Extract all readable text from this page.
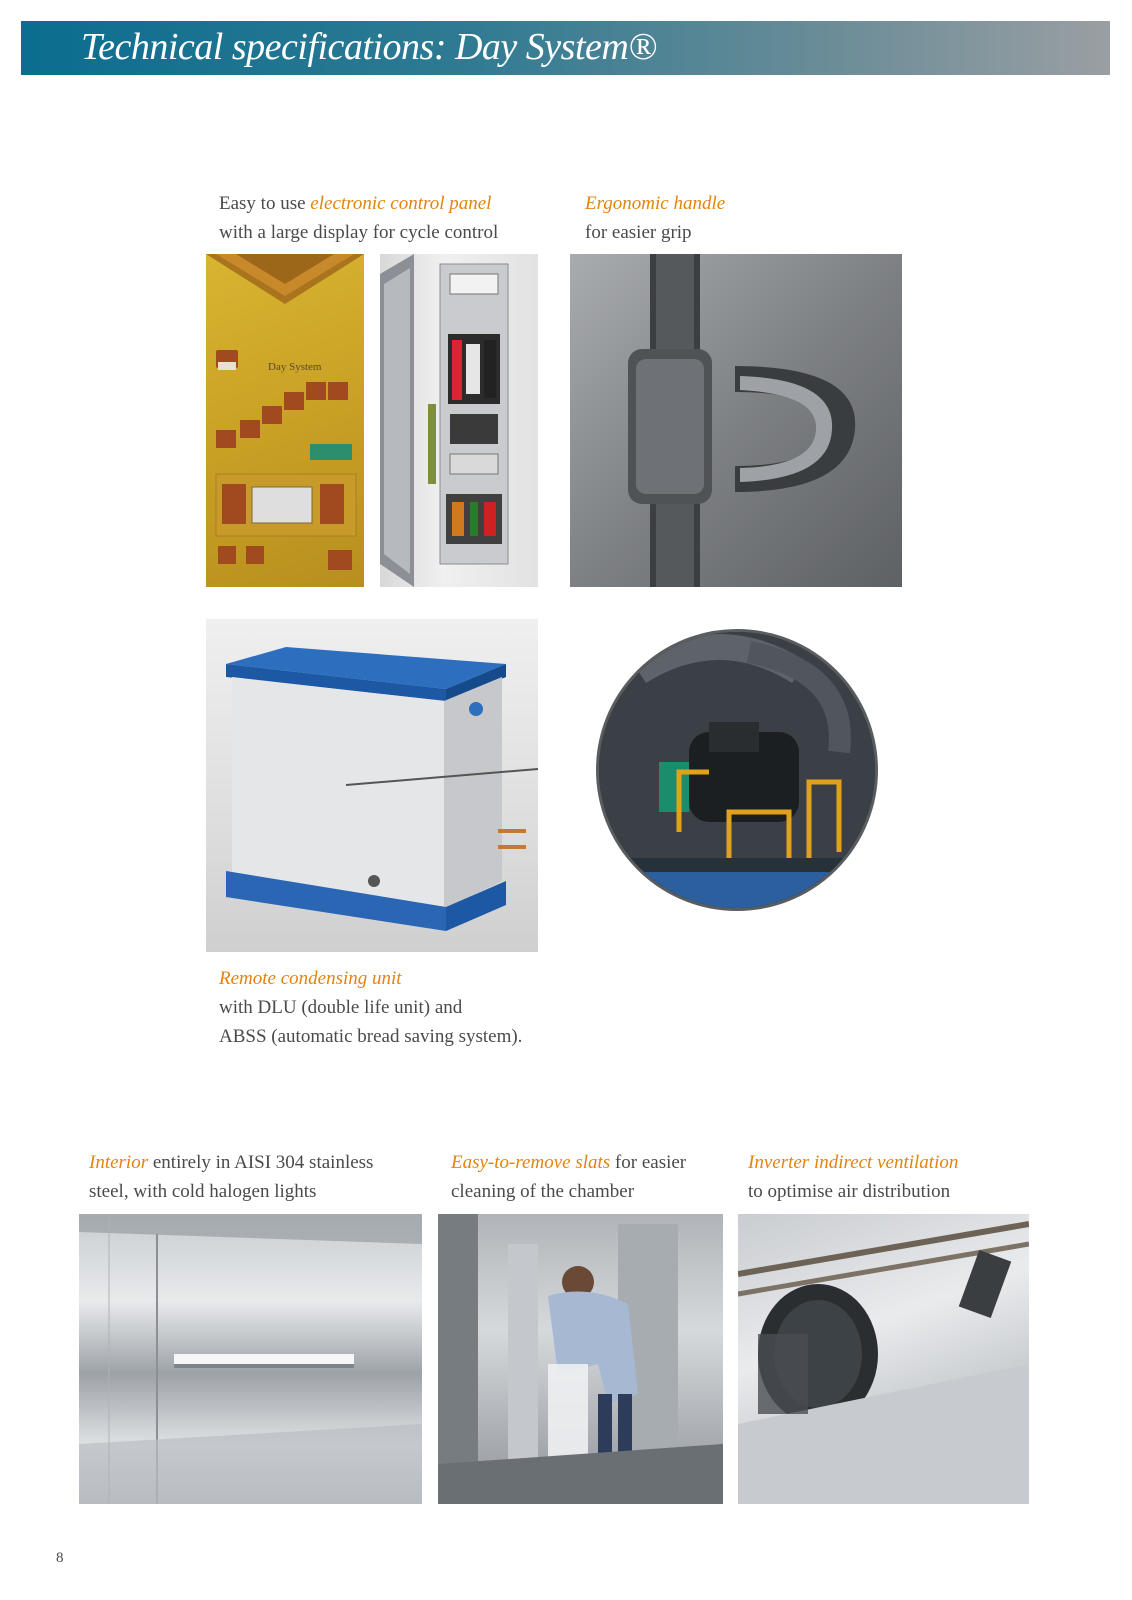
Technical specifications: Day System®
Easy to use electronic control panel
with a large display for cycle control
Ergonomic handle
for easier grip
Day System
Remote condensing unit
with DLU (double life unit) and
ABSS (automatic bread saving system).
Interior entirely in AISI 304 stainless
steel, with cold halogen lights
Easy-to-remove slats for easier
cleaning of the chamber
Inverter indirect ventilation
to optimise air distribution
8
